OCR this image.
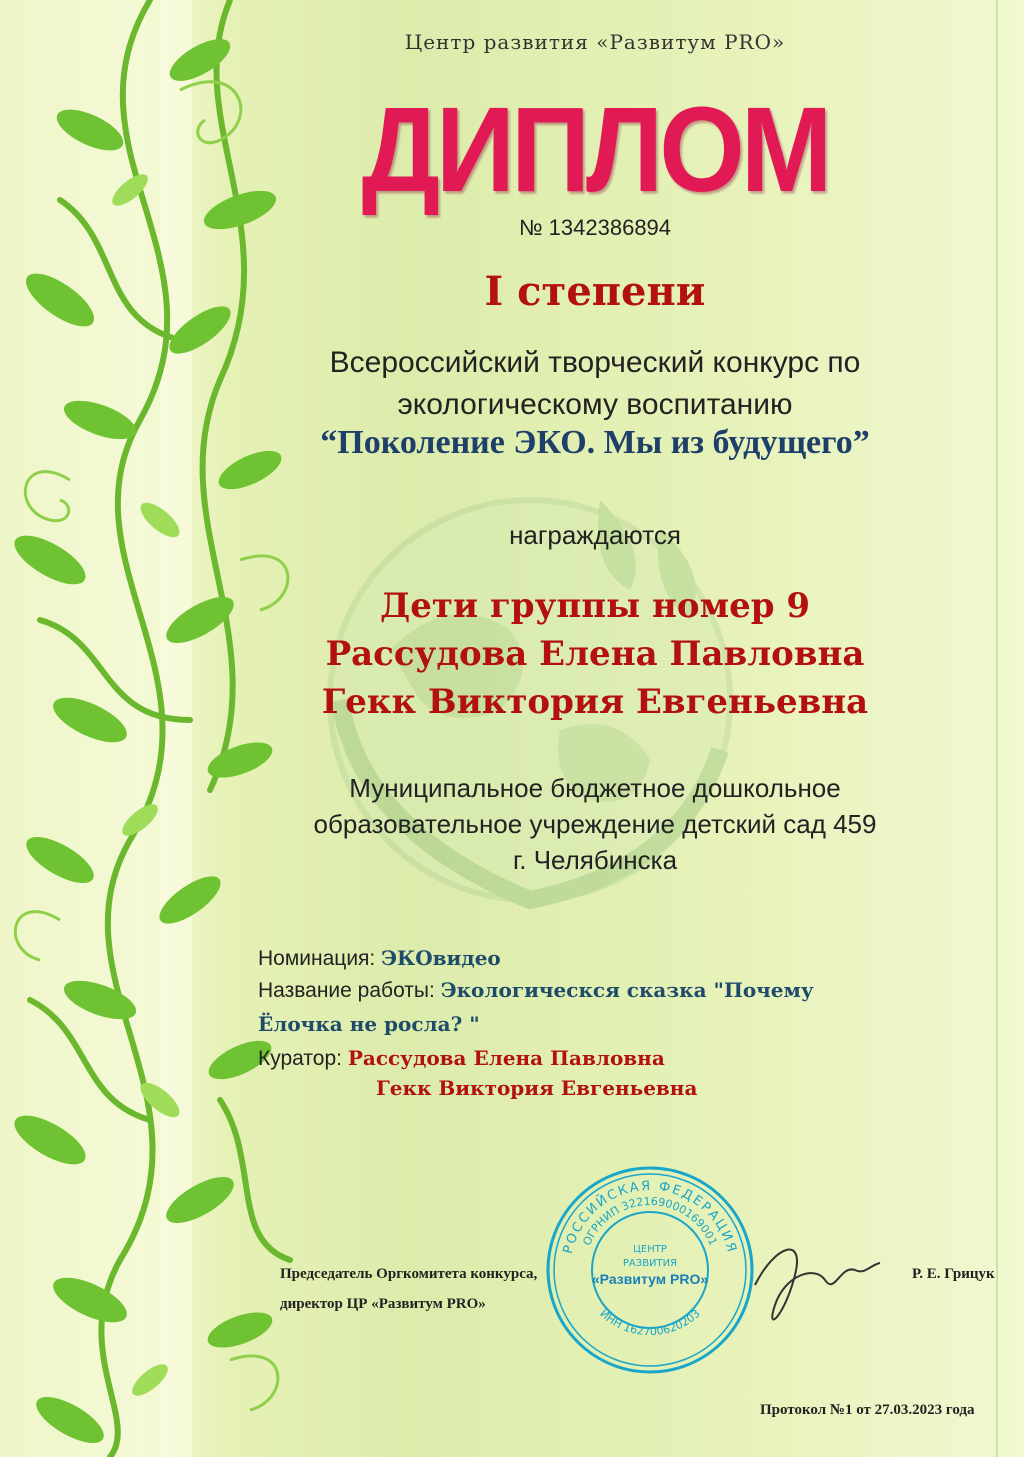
Центр развития «Развитум PRO»
ДИПЛОМ
№ 1342386894
I степени
Всероссийский творческий конкурс по
экологическому воспитанию
“Поколение ЭКО. Мы из будущего”
награждаются
Дети группы номер 9
Рассудова Елена Павловна
Гекк Виктория Евгеньевна
Муниципальное бюджетное дошкольное
образовательное учреждение детский сад 459
г. Челябинска
Номинация: ЭКОвидео
Название работы: Экологическся сказка "Почему
Ёлочка не росла? "
Куратор: Рассудова Елена Павловна
Гекк Виктория Евгеньевна
РОССИЙСКАЯ ФЕДЕРАЦИЯ
ОГРНИП 322169000169001
ИНН 162700620203
ЦЕНТР
РАЗВИТИЯ
«Развитум PRO»
Председатель Оргкомитета конкурса,
директор ЦР «Развитум PRO»
Р. Е. Грицук
Протокол №1 от 27.03.2023 года
